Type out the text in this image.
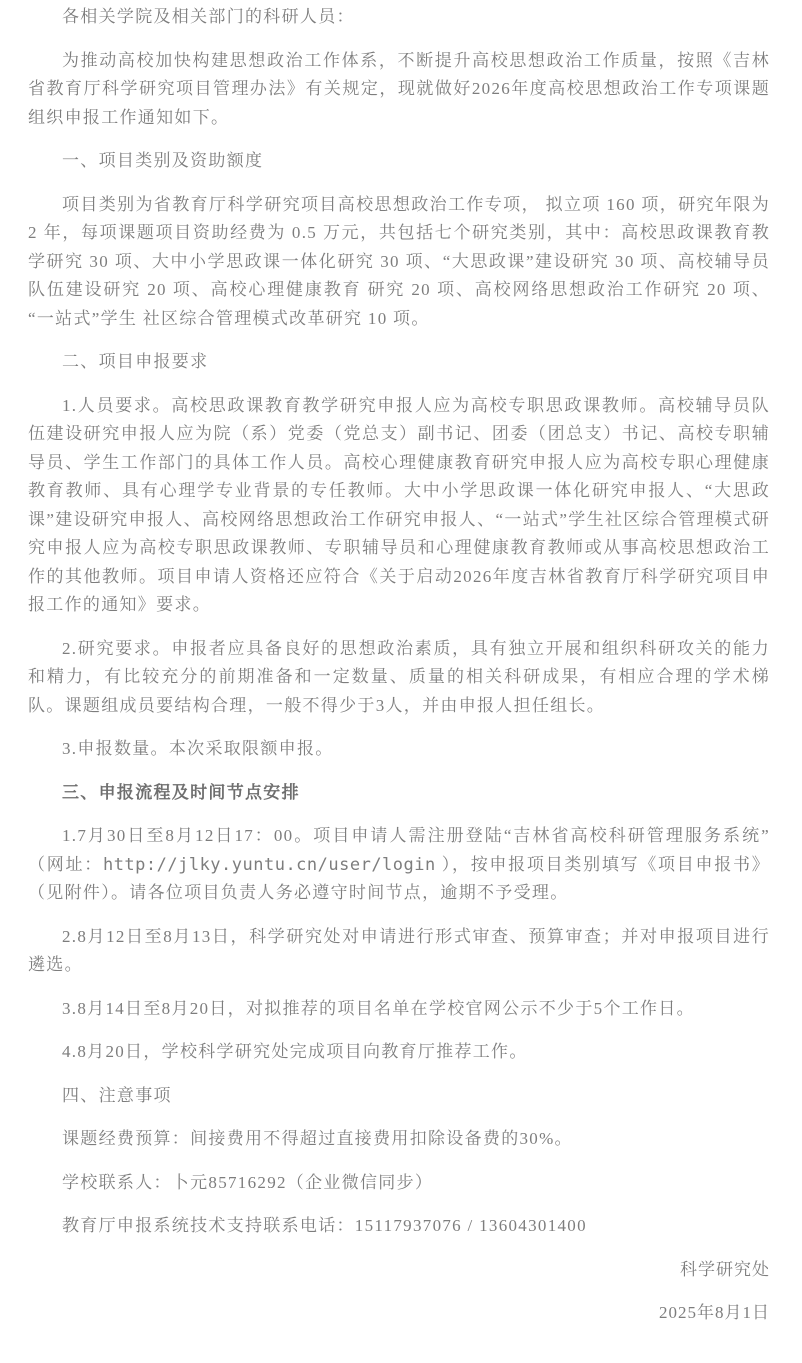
各相关学院及相关部门的科研人员：

为推动高校加快构建思想政治工作体系，不断提升高校思想政治工作质量，按照《吉林省教育厅科学研究项目管理办法》有关规定，现就做好2026年度高校思想政治工作专项课题组织申报工作通知如下。

一、项目类别及资助额度

项目类别为省教育厅科学研究项目高校思想政治工作专项， 拟立项 160 项，研究年限为 2 年，每项课题项目资助经费为 0.5 万元，共包括七个研究类别，其中：高校思政课教育教学研究 30 项、大中小学思政课一体化研究 30 项、“大思政课”建设研究 30 项、高校辅导员队伍建设研究 20 项、高校心理健康教育 研究 20 项、高校网络思想政治工作研究 20 项、“一站式”学生 社区综合管理模式改革研究 10 项。

二、项目申报要求

1.人员要求。高校思政课教育教学研究申报人应为高校专职思政课教师。高校辅导员队伍建设研究申报人应为院（系）党委（党总支）副书记、团委（团总支）书记、高校专职辅导员、学生工作部门的具体工作人员。高校心理健康教育研究申报人应为高校专职心理健康教育教师、具有心理学专业背景的专任教师。大中小学思政课一体化研究申报人、“大思政课”建设研究申报人、高校网络思想政治工作研究申报人、“一站式”学生社区综合管理模式研究申报人应为高校专职思政课教师、专职辅导员和心理健康教育教师或从事高校思想政治工作的其他教师。项目申请人资格还应符合《关于启动2026年度吉林省教育厅科学研究项目申报工作的通知》要求。

2.研究要求。申报者应具备良好的思想政治素质，具有独立开展和组织科研攻关的能力和精力，有比较充分的前期准备和一定数量、质量的相关科研成果，有相应合理的学术梯队。课题组成员要结构合理，一般不得少于3人，并由申报人担任组长。

3.申报数量。本次采取限额申报。

三、申报流程及时间节点安排

1.7月30日至8月12日17：00。项目申请人需注册登陆“吉林省高校科研管理服务系统”（网址：http://jlky.yuntu.cn/user/login ），按申报项目类别填写《项目申报书》（见附件）。请各位项目负责人务必遵守时间节点，逾期不予受理。

2.8月12日至8月13日，科学研究处对申请进行形式审查、预算审查；并对申报项目进行遴选。

3.8月14日至8月20日，对拟推荐的项目名单在学校官网公示不少于5个工作日。

4.8月20日，学校科学研究处完成项目向教育厅推荐工作。

四、注意事项

课题经费预算：间接费用不得超过直接费用扣除设备费的30%。

学校联系人：卜元85716292（企业微信同步）

教育厅申报系统技术支持联系电话：15117937076 / 13604301400

科学研究处

2025年8月1日
